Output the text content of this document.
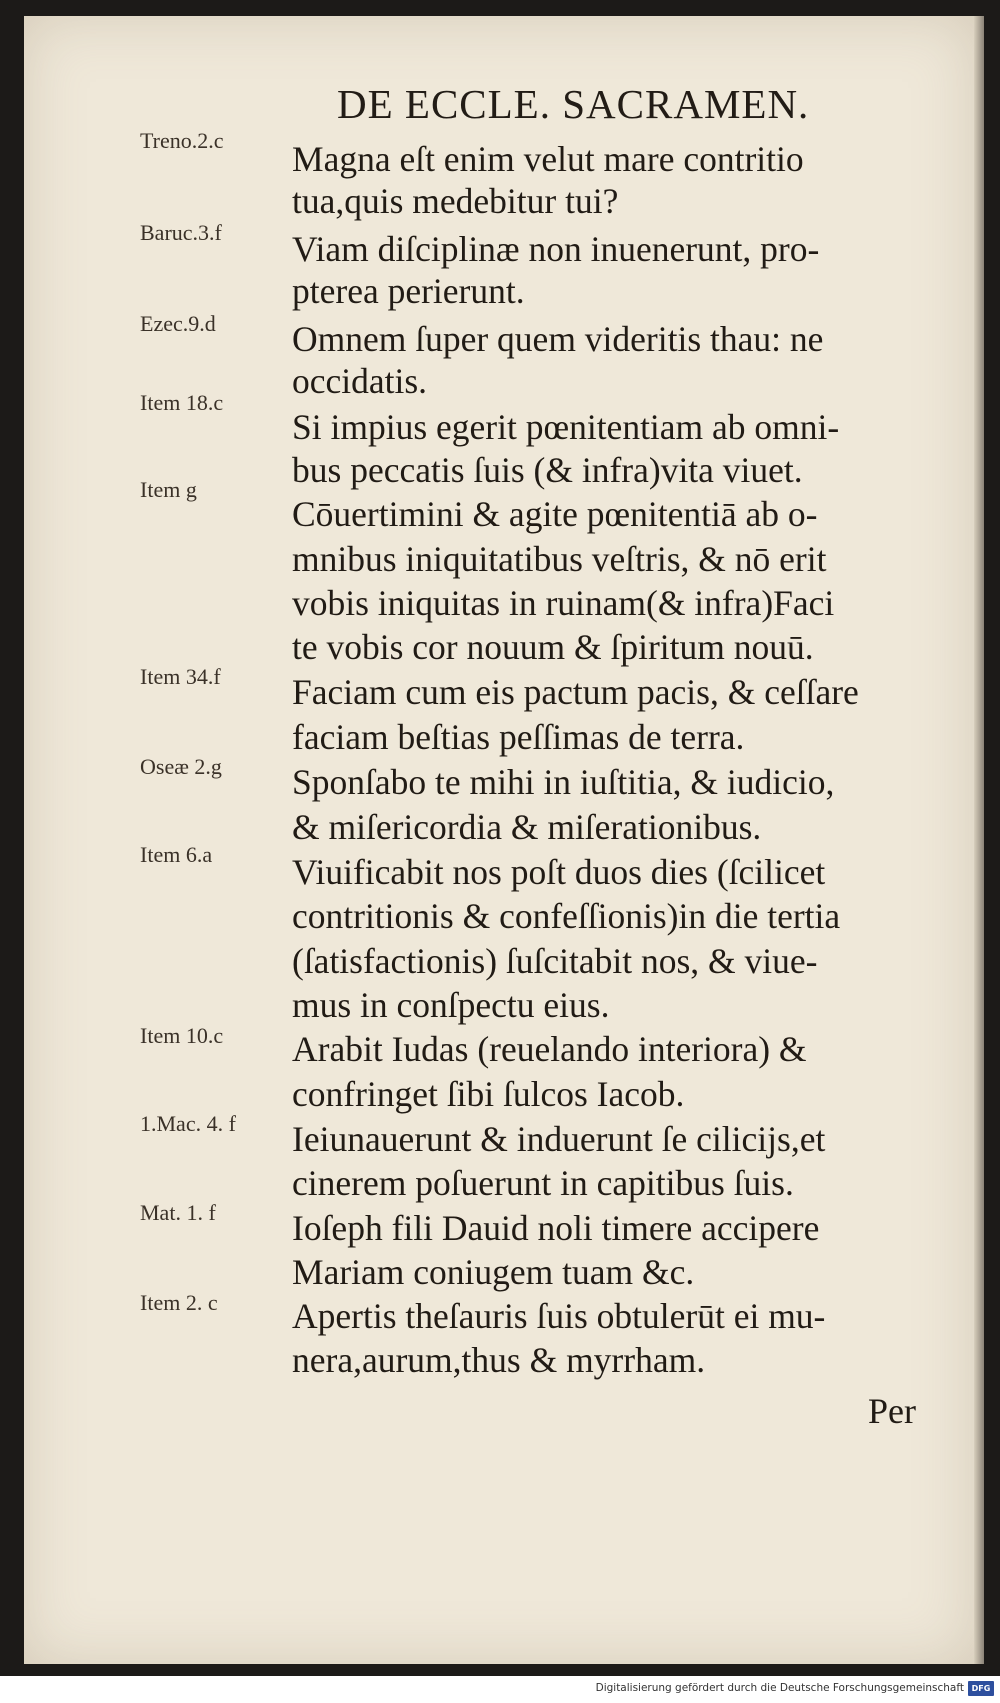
DE ECCLE. SACRAMEN.
Treno.2.c	Magna eſt enim velut mare contritio
tua,quis medebitur tui?
Baruc.3.f	Viam diſciplinæ non inuenerunt, pro-
pterea perierunt.
Ezec.9.d	Omnem ſuper quem videritis thau: ne
occidatis.
Item 18.c
Si impius egerit pœnitentiam ab omni-
bus peccatis ſuis (& infra)vita viuet.
Item g
Cōuertimini & agite pœnitentiā ab o-
mnibus iniquitatibus veſtris, & nō erit
vobis iniquitas in ruinam(& infra)Faci
te vobis cor nouum & ſpiritum nouū.
Item 34.f	Faciam cum eis pactum pacis, & ceſſare
faciam beſtias peſſimas de terra.
Oseæ 2.g	Sponſabo te mihi in iuſtitia, & iudicio,
& miſericordia & miſerationibus.
Item 6.a	Viuificabit nos poſt duos dies (ſcilicet
contritionis & confeſſionis)in die tertia
(ſatisfactionis) ſuſcitabit nos, & viue-
mus in conſpectu eius.
Item 10.c	Arabit Iudas (reuelando interiora) &
confringet ſibi ſulcos Iacob.
1.Mac. 4. f	Ieiunauerunt & induerunt ſe ciliciјs,et
cinerem poſuerunt in capitibus ſuis.
Mat. 1. f	Ioſeph fili Dauid noli timere accipere
Mariam coniugem tuam &c.
Item 2. c	Apertis theſauris ſuis obtulerūt ei mu-
nera,aurum,thus & myrrham.
Per
Digitalisierung gefördert durch die Deutsche Forschungsgemeinschaft DFG
